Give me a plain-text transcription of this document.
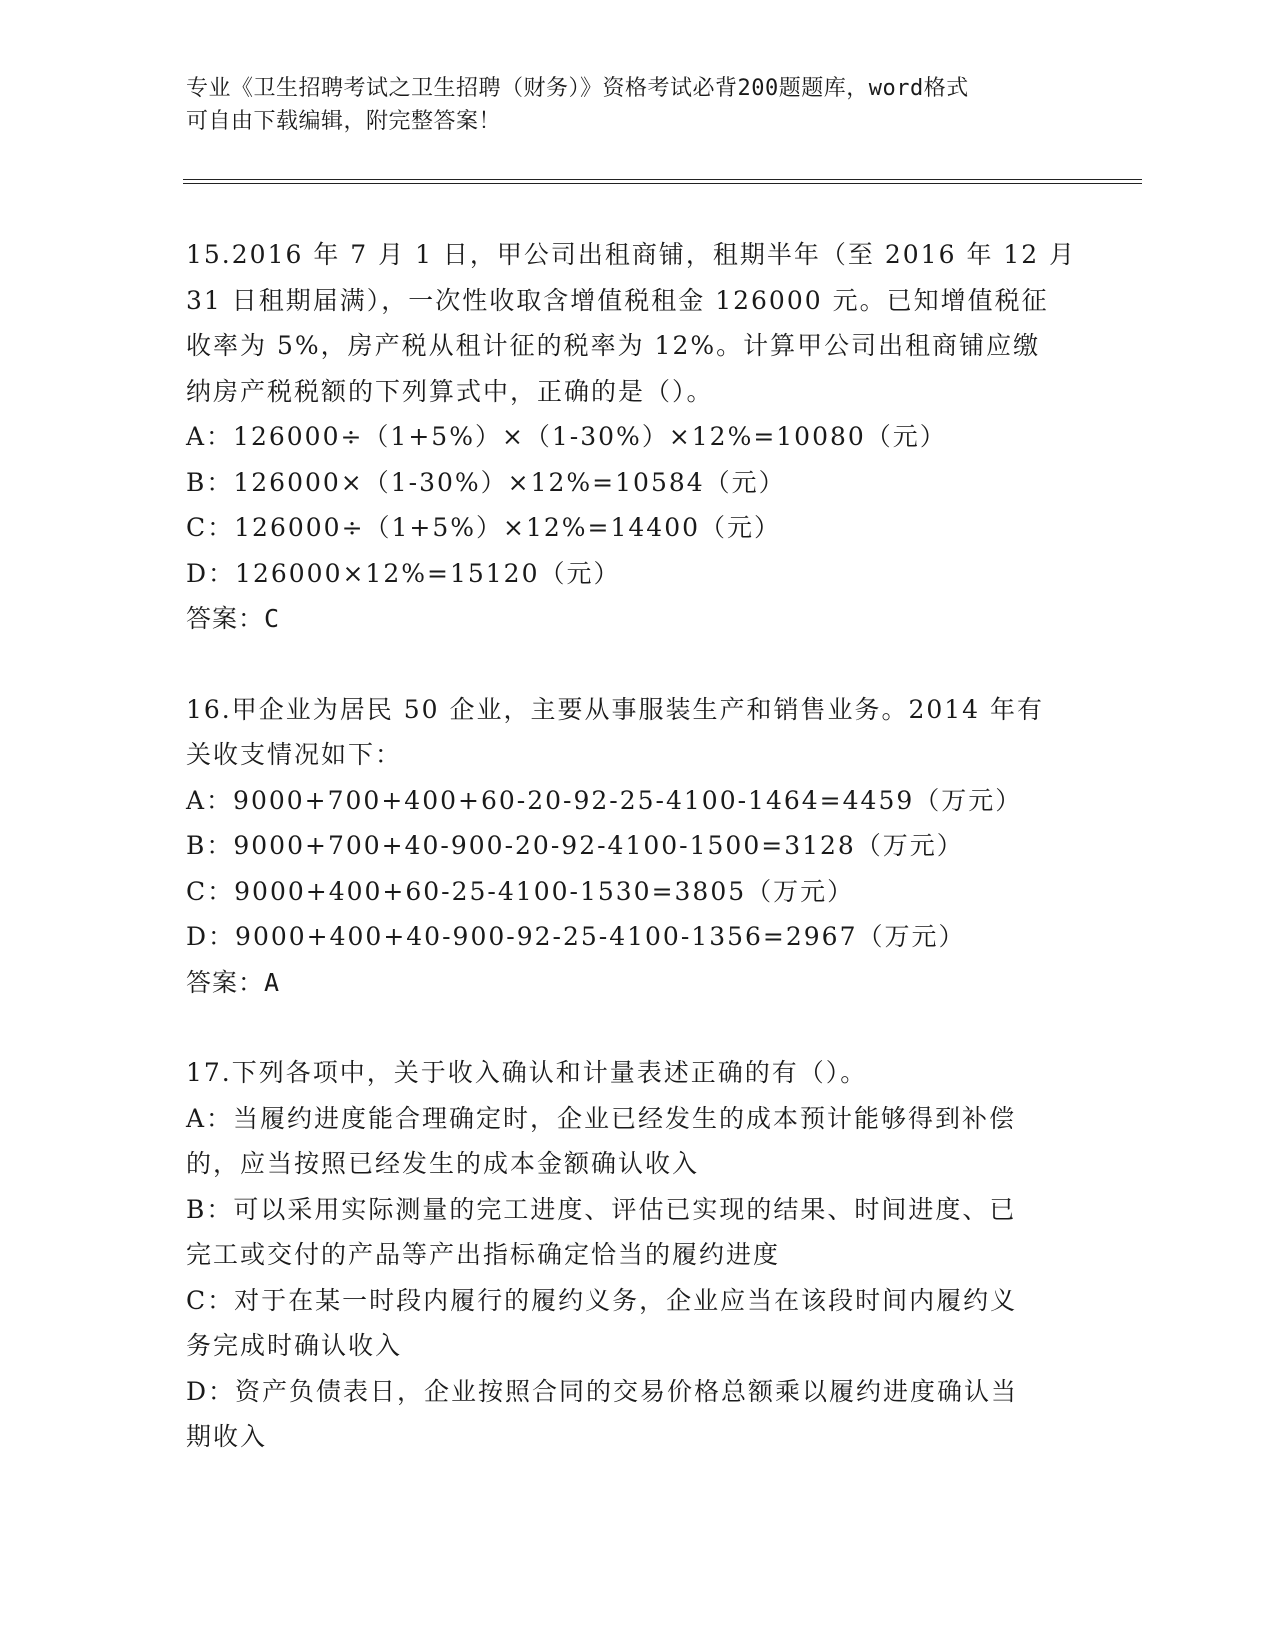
专业《卫生招聘考试之卫生招聘（财务）》资格考试必背200题题库，word格式
可自由下载编辑，附完整答案！

15.2016 年 7 月 1 日，甲公司出租商铺，租期半年（至 2016 年 12 月

31 日租期届满），一次性收取含增值税租金 126000 元。已知增值税征

收率为 5%，房产税从租计征的税率为 12%。计算甲公司出租商铺应缴

纳房产税税额的下列算式中，正确的是（）。

A：126000÷（1+5%）×（1-30%）×12%=10080（元）

B：126000×（1-30%）×12%=10584（元）

C：126000÷（1+5%）×12%=14400（元）

D：126000×12%=15120（元）

答案：C

16.甲企业为居民 50 企业，主要从事服装生产和销售业务。2014 年有

关收支情况如下：

A：9000+700+400+60-20-92-25-4100-1464=4459（万元）

B：9000+700+40-900-20-92-4100-1500=3128（万元）

C：9000+400+60-25-4100-1530=3805（万元）

D：9000+400+40-900-92-25-4100-1356=2967（万元）

答案：A

17.下列各项中，关于收入确认和计量表述正确的有（）。

A：当履约进度能合理确定时，企业已经发生的成本预计能够得到补偿

的，应当按照已经发生的成本金额确认收入

B：可以采用实际测量的完工进度、评估已实现的结果、时间进度、已

完工或交付的产品等产出指标确定恰当的履约进度

C：对于在某一时段内履行的履约义务，企业应当在该段时间内履约义

务完成时确认收入

D：资产负债表日，企业按照合同的交易价格总额乘以履约进度确认当

期收入
